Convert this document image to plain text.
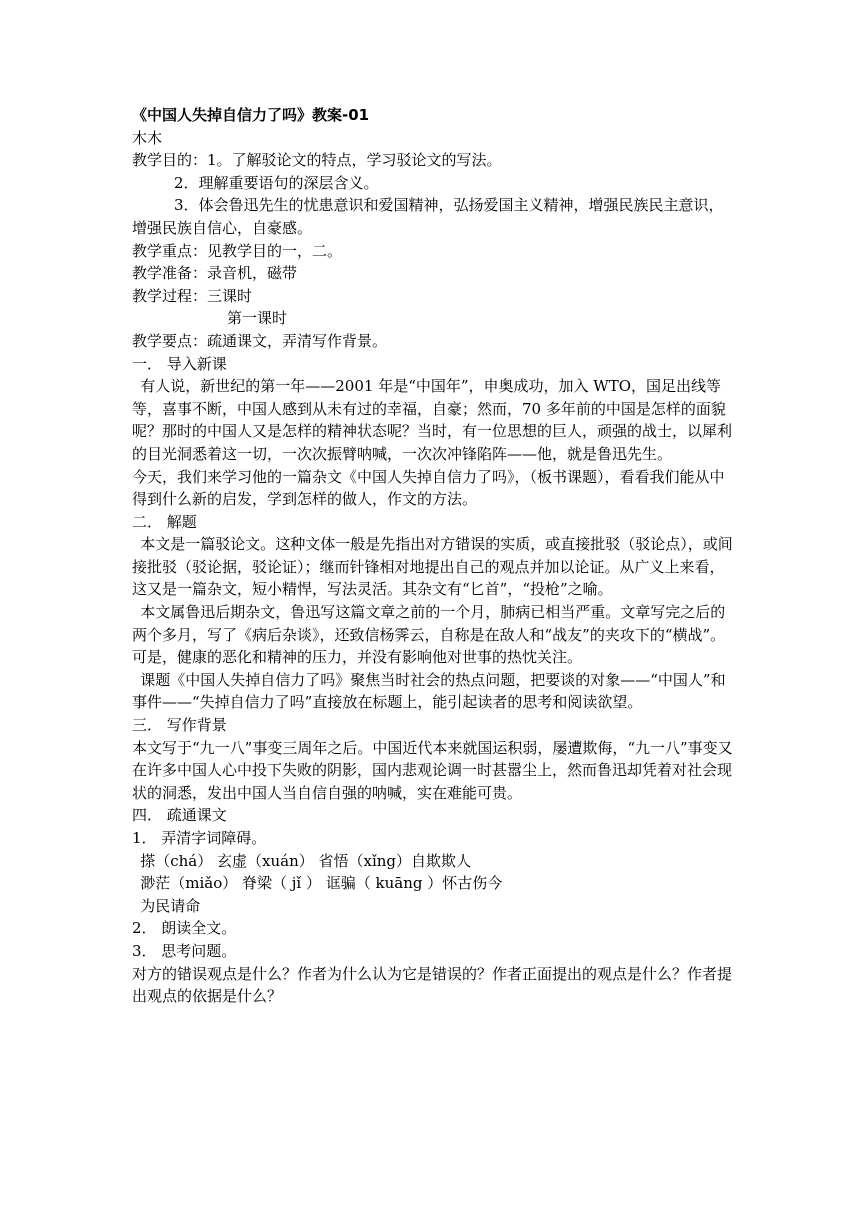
《中国人失掉自信力了吗》教案-01

木木

教学目的：1。了解驳论文的特点，学习驳论文的写法。

2．理解重要语句的深层含义。

3．体会鲁迅先生的忧患意识和爱国精神，弘扬爱国主义精神，增强民族民主意识，增强民族自信心，自豪感。

教学重点：见教学目的一，二。

教学准备：录音机，磁带

教学过程：三课时

第一课时

教学要点：疏通课文，弄清写作背景。

一． 导入新课

有人说，新世纪的第一年——2001 年是“中国年”，申奥成功，加入 WTO，国足出线等等，喜事不断，中国人感到从未有过的幸福，自豪；然而，70 多年前的中国是怎样的面貌呢？那时的中国人又是怎样的精神状态呢？当时，有一位思想的巨人，顽强的战士，以犀利的目光洞悉着这一切，一次次振臂呐喊，一次次冲锋陷阵——他，就是鲁迅先生。

今天，我们来学习他的一篇杂文《中国人失掉自信力了吗》，（板书课题），看看我们能从中得到什么新的启发，学到怎样的做人，作文的方法。

二． 解题

本文是一篇驳论文。这种文体一般是先指出对方错误的实质，或直接批驳（驳论点），或间接批驳（驳论据，驳论证）；继而针锋相对地提出自己的观点并加以论证。从广义上来看，这又是一篇杂文，短小精悍，写法灵活。其杂文有“匕首”，“投枪”之喻。

本文属鲁迅后期杂文，鲁迅写这篇文章之前的一个月，肺病已相当严重。文章写完之后的两个多月，写了《病后杂谈》，还致信杨霁云，自称是在敌人和“战友”的夹攻下的“横战”。可是，健康的恶化和精神的压力，并没有影响他对世事的热忱关注。

课题《中国人失掉自信力了吗》聚焦当时社会的热点问题，把要谈的对象——“中国人”和事件——“失掉自信力了吗”直接放在标题上，能引起读者的思考和阅读欲望。

三． 写作背景

本文写于“九一八”事变三周年之后。中国近代本来就国运积弱，屡遭欺侮，“九一八”事变又在许多中国人心中投下失败的阴影，国内悲观论调一时甚嚣尘上，然而鲁迅却凭着对社会现状的洞悉，发出中国人当自信自强的呐喊，实在难能可贵。

四． 疏通课文

1． 弄清字词障碍。

搽（chá） 玄虚（xuán） 省悟（xǐng）自欺欺人

渺茫（miǎo） 脊梁（ jǐ ） 诓骗（ kuāng ）怀古伤今

为民请命

2． 朗读全文。

3． 思考问题。

对方的错误观点是什么？作者为什么认为它是错误的？作者正面提出的观点是什么？作者提出观点的依据是什么？
